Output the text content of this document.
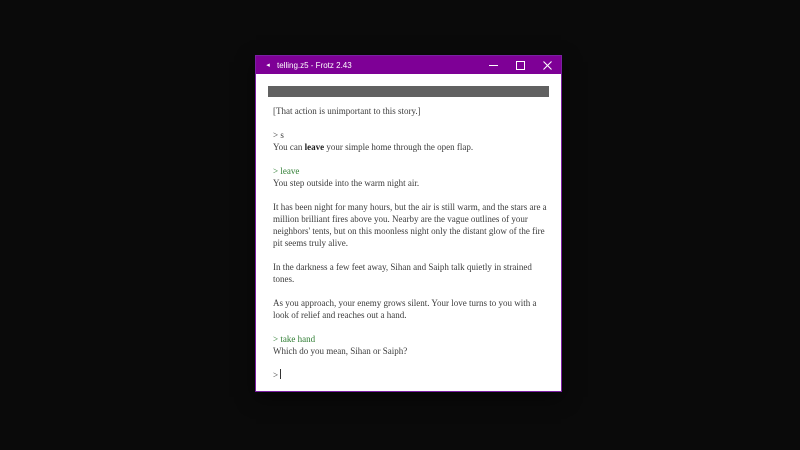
◂ telling.z5 - Frotz 2.43

[That action is unimportant to this story.]

> s
You can leave your simple home through the open flap.

> leave
You step outside into the warm night air.

It has been night for many hours, but the air is still warm, and the stars are a million brilliant fires above you. Nearby are the vague outlines of your neighbors' tents, but on this moonless night only the distant glow of the fire pit seems truly alive.

In the darkness a few feet away, Sihan and Saiph talk quietly in strained tones.

As you approach, your enemy grows silent. Your love turns to you with a look of relief and reaches out a hand.

> take hand
Which do you mean, Sihan or Saiph?

>
